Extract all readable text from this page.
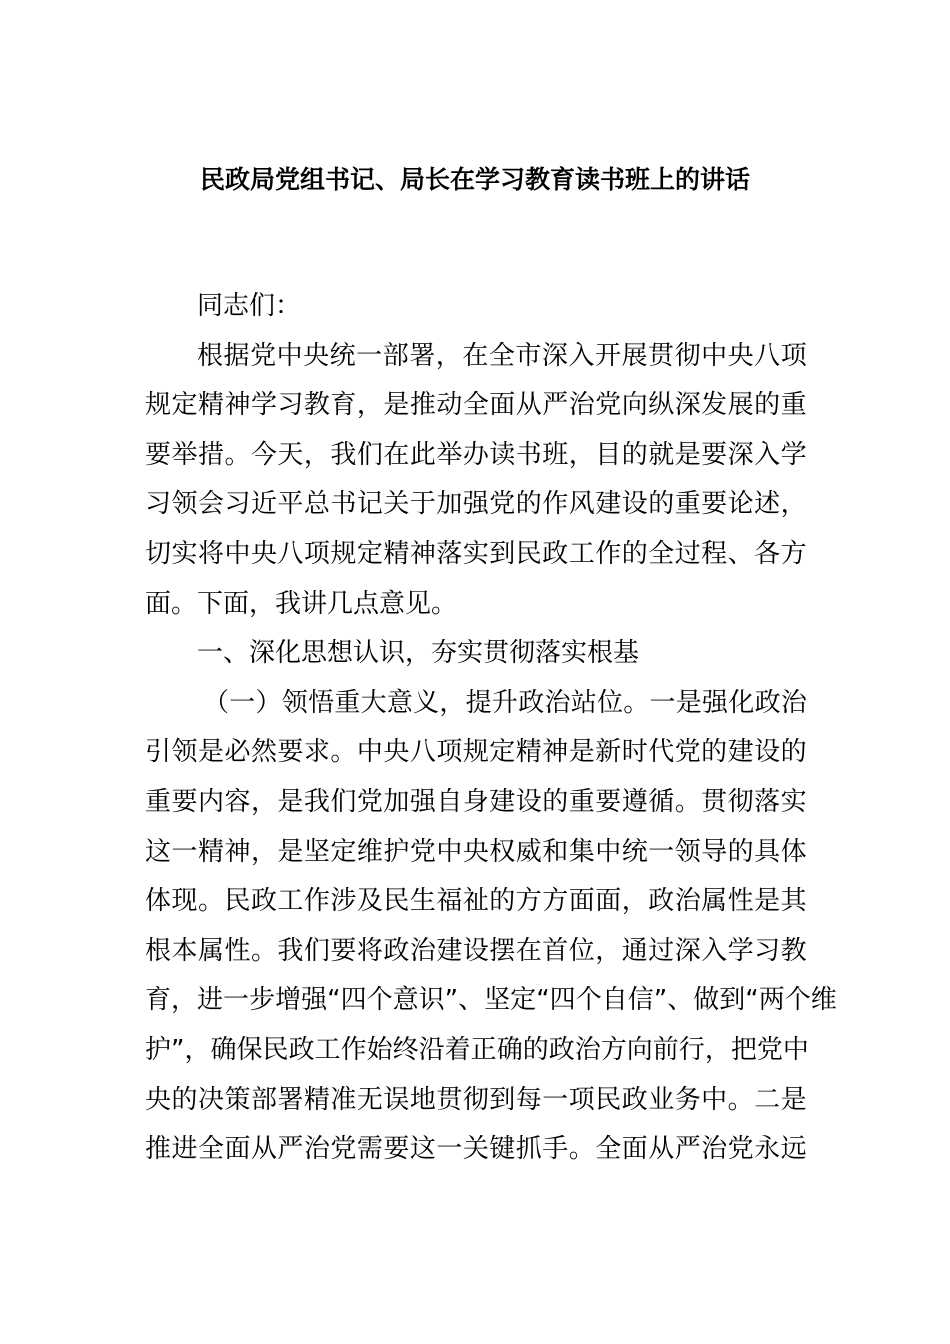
民政局党组书记、局长在学习教育读书班上的讲话
同志们：
根 据 党 中 央 统 一 部 署 ， 在 全 市 深 入 开 展 贯 彻 中 央 八 项
规 定 精 神 学 习 教 育 ， 是 推 动 全 面 从 严 治 党 向 纵 深 发 展 的 重
要 举 措 。 今 天 ， 我 们 在 此 举 办 读 书 班 ， 目 的 就 是 要 深 入 学
习 领 会 习 近 平 总 书 记 关 于 加 强 党 的 作 风 建 设 的 重 要 论 述 ，
切 实 将 中 央 八 项 规 定 精 神 落 实 到 民 政 工 作 的 全 过 程 、 各 方
面。下面，我讲几点意见。
一、深化思想认识，夯实贯彻落实根基
（ 一 ） 领 悟 重 大 意 义 ， 提 升 政 治 站 位 。 一 是 强 化 政 治
引 领 是 必 然 要 求 。 中 央 八 项 规 定 精 神 是 新 时 代 党 的 建 设 的
重 要 内 容 ， 是 我 们 党 加 强 自 身 建 设 的 重 要 遵 循 。 贯 彻 落 实
这 一 精 神 ， 是 坚 定 维 护 党 中 央 权 威 和 集 中 统 一 领 导 的 具 体
体 现 。 民 政 工 作 涉 及 民 生 福 祉 的 方 方 面 面 ， 政 治 属 性 是 其
根 本 属 性 。 我 们 要 将 政 治 建 设 摆 在 首 位 ， 通 过 深 入 学 习 教
育 ， 进 一 步 增 强 “ 四 个 意 识 ” 、 坚 定 “ 四 个 自 信 ” 、 做 到 “ 两 个 维
护 ” ， 确 保 民 政 工 作 始 终 沿 着 正 确 的 政 治 方 向 前 行 ， 把 党 中
央 的 决 策 部 署 精 准 无 误 地 贯 彻 到 每 一 项 民 政 业 务 中 。 二 是
推 进 全 面 从 严 治 党 需 要 这 一 关 键 抓 手 。 全 面 从 严 治 党 永 远
